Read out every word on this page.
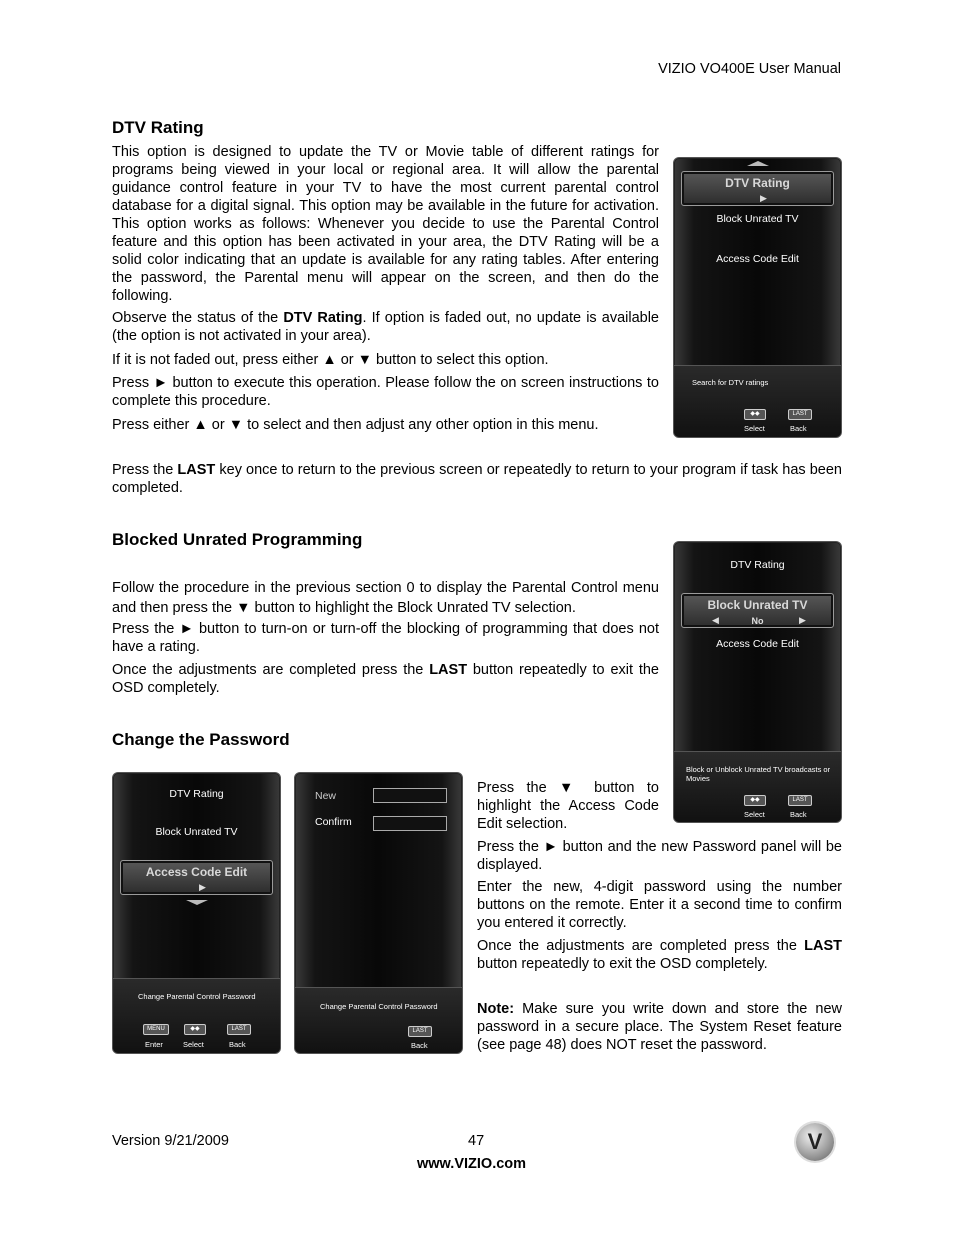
VIZIO VO400E User Manual
DTV Rating

This option is designed to update the TV or Movie table of different ratings for programs being viewed in your local or regional area. It will allow the parental guidance control feature in your TV to have the most current parental control database for a digital signal. This option may be available in the future for activation. This option works as follows: Whenever you decide to use the Parental Control feature and this option has been activated in your area, the DTV Rating will be a solid color indicating that an update is available for any rating tables. After entering the password, the Parental menu will appear on the screen, and then do the following.

Observe the status of the DTV Rating. If option is faded out, no update is available (the option is not activated in your area).

If it is not faded out, press either ▲ or ▼ button to select this option.

Press ► button to execute this operation. Please follow the on screen instructions to complete this procedure.

Press either ▲ or ▼ to select and then adjust any other option in this menu.

Press the LAST key once to return to the previous screen or repeatedly to return to your program if task has been completed.

DTV Rating
▶
Block Unrated TV
Access Code Edit
Search for DTV ratings
◆◆
Select
LAST
Back
Blocked Unrated Programming

Follow the procedure in the previous section 0 to display the Parental Control menu and then press the ▼ button to highlight the Block Unrated TV selection.

Press the ► button to turn-on or turn-off the blocking of programming that does not have a rating.

Once the adjustments are completed press the LAST button repeatedly to exit the OSD completely.

DTV Rating
Block Unrated TV
◀	No	▶
Access Code Edit
Block or Unblock Unrated TV broadcasts or Movies
◆◆
Select
LAST
Back
Change the Password
DTV Rating
Block Unrated TV
Access Code Edit
▶
Change Parental Control Password
MENU
Enter
◆◆
Select
LAST
Back
New
Confirm
Change Parental Control Password
LAST
Back

Press the ▼ button to highlight the Access Code Edit selection.

Press the ► button and the new Password panel will be displayed.

Enter the new, 4-digit password using the number buttons on the remote. Enter it a second time to confirm you entered it correctly.

Once the adjustments are completed press the LAST button repeatedly to exit the OSD completely.

Note: Make sure you write down and store the new password in a secure place. The System Reset feature (see page 48) does NOT reset the password.

Version 9/21/2009	47
www.VIZIO.com
V
